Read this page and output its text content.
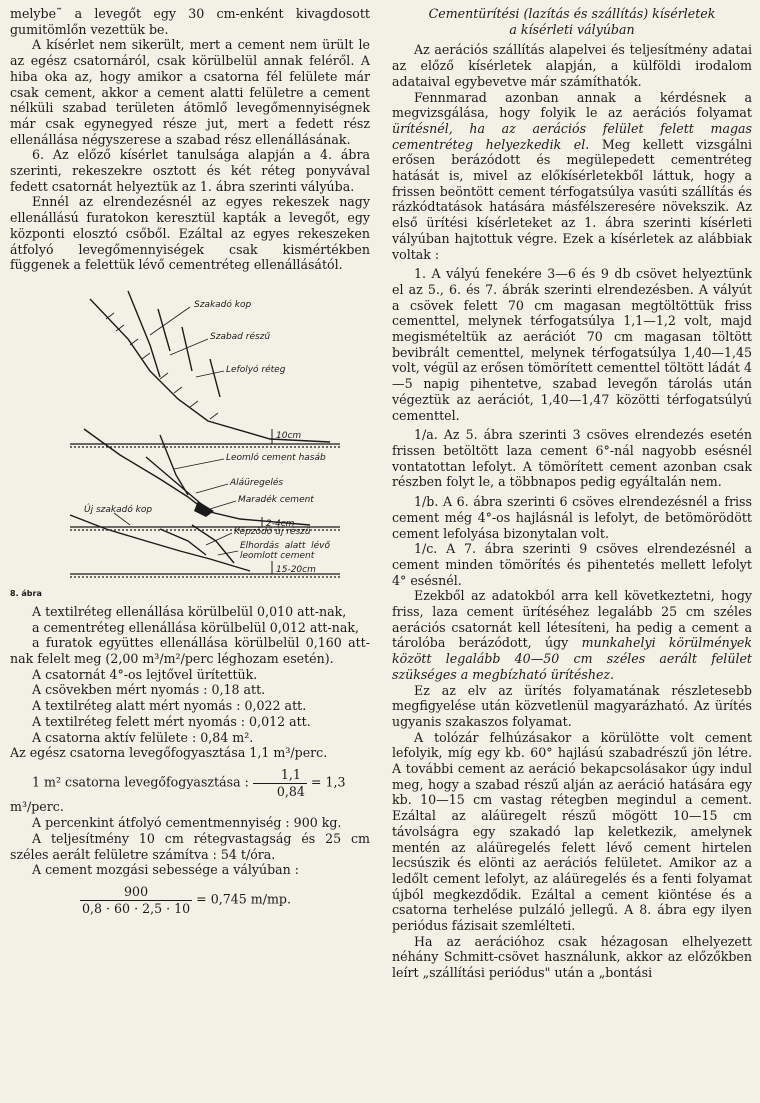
melybe˜ a levegőt egy 30 cm-enként kivagdosott gumitömlőn vezettük be.

A kísérlet nem sikerült, mert a cement nem ürült le az egész csatornáról, csak körülbelül annak feléről. A hiba oka az, hogy amikor a csatorna fél felülete már csak cement, akkor a cement alatti felületre a cement nélküli szabad területen átömlő levegőmennyiségnek már csak egynegyed része jut, mert a fedett rész ellenállása négyszerese a szabad rész ellenállásának.

6. Az előző kísérlet tanulsága alapján a 4. ábra szerinti, rekeszekre osztott és két réteg ponyvával fedett csatornát helyeztük az 1. ábra szerinti vályúba.

Ennél az elrendezésnél az egyes rekeszek nagy ellenállású furatokon keresztül kapták a levegőt, egy központi elosztó csőből. Ezáltal az egyes rekeszeken átfolyó levegőmennyiségek csak kismértékben függenek a felettük lévő cementréteg ellenállásától.

Szakadó kop
Szabad részű
Lefolyó réteg
10cm
Leomló cement hasáb
Aláüregelés
Maradék cement
2-4cm
Új szakadó kop
Képződő új részű
Elhordás alatt lévő leomlott cement
15-20cm
8. ábra

A textilréteg ellenállása körülbelül 0,010 att-nak,

a cementréteg ellenállása körülbelül 0,012 att-nak,

a furatok együttes ellenállása körülbelül 0,160 att-nak felelt meg (2,00 m³/m²/perc léghozam esetén).

A csatornát 4°-os lejtővel ürítettük.

A csövekben mért nyomás : 0,18 att.

A textilréteg alatt mért nyomás : 0,022 att.

A textilréteg felett mért nyomás : 0,012 att.

A csatorna aktív felülete : 0,84 m².

Az egész csatorna levegőfogyasztása 1,1 m³/perc.

1 m² csatorna levegőfogyasztása : $\frac{1,1}{0,84} = 1,3$

m³/perc.

A percenkint átfolyó cementmennyiség : 900 kg.

A teljesítmény 10 cm rétegvastagság és 25 cm széles aerált felületre számítva : 54 t/óra.

A cement mozgási sebessége a vályúban :

$\frac{900}{0,8 \cdot 60 \cdot 2,5 \cdot 10} = 0,745$ m/mp.

Cementürítési (lazítás és szállítás) kísérletek
a kísérleti vályúban

Az aerációs szállítás alapelvei és teljesítmény adatai az előző kísérletek alapján, a külföldi irodalom adataival egybevetve már számíthatók.

Fennmarad azonban annak a kérdésnek a megvizsgálása, hogy folyik le az aerációs folyamat ürítésnél, ha az aerációs felület felett magas cementréteg helyezkedik el. Meg kellett vizsgálni erősen berázódott és megülepedett cementréteg hatását is, mivel az előkísérletekből láttuk, hogy a frissen beöntött cement térfogatsúlya vasúti szállítás és rázkódtatások hatására másfélszeresére növekszik. Az első ürítési kísérleteket az 1. ábra szerinti kísérleti vályúban hajtottuk végre. Ezek a kísérletek az alábbiak voltak :

1. A vályú fenekére 3—6 és 9 db csövet helyeztünk el az 5., 6. és 7. ábrák szerinti elrendezésben. A vályút a csövek felett 70 cm magasan megtöltöttük friss cementtel, melynek térfogatsúlya 1,1—1,2 volt, majd megismételtük az aerációt 70 cm magasan töltött bevibrált cementtel, melynek térfogatsúlya 1,40—1,45 volt, végül az erősen tömörített cementtel töltött ládát 4—5 napig pihentetve, szabad levegőn tárolás után végeztük az aerációt, 1,40—1,47 közötti térfogatsúlyú cementtel.

1/a. Az 5. ábra szerinti 3 csöves elrendezés esetén frissen betöltött laza cement 6°-nál nagyobb esésnél vontatottan lefolyt. A tömörített cement azonban csak részben folyt le, a többnapos pedig egyáltalán nem.

1/b. A 6. ábra szerinti 6 csöves elrendezésnél a friss cement még 4°-os hajlásnál is lefolyt, de betömörödött cement lefolyása bizonytalan volt.

1/c. A 7. ábra szerinti 9 csöves elrendezésnél a cement minden tömörítés és pihentetés mellett lefolyt 4° esésnél.

Ezekből az adatokból arra kell következtetni, hogy friss, laza cement ürítéséhez legalább 25 cm széles aerációs csatornát kell létesíteni, ha pedig a cement a tárolóba berázódott, úgy munkahelyi körülmények között legalább 40—50 cm széles aerált felület szükséges a megbízható ürítéshez.

Ez az elv az ürítés folyamatának részletesebb megfigyelése után közvetlenül magyarázható. Az ürítés ugyanis szakaszos folyamat.

A tolózár felhúzásakor a körülötte volt cement lefolyik, míg egy kb. 60° hajlású szabadrészű jön létre. A további cement az aeráció bekapcsolásakor úgy indul meg, hogy a szabad részű alján az aeráció hatására egy kb. 10—15 cm vastag rétegben megindul a cement. Ezáltal az aláüregelt részű mögött 10—15 cm távolságra egy szakadó lap keletkezik, amelynek mentén az aláüregelés felett lévő cement hirtelen lecsúszik és elönti az aerációs felületet. Amikor az a ledőlt cement lefolyt, az aláüregelés és a fenti folyamat újból megkezdődik. Ezáltal a cement kiöntése és a csatorna terhelése pulzáló jellegű. A 8. ábra egy ilyen periódus fázisait szemlélteti.

Ha az aerációhoz csak hézagosan elhelyezett néhány Schmitt-csövet használunk, akkor az előzőkben leírt „szállítási periódus" után a „bontási
